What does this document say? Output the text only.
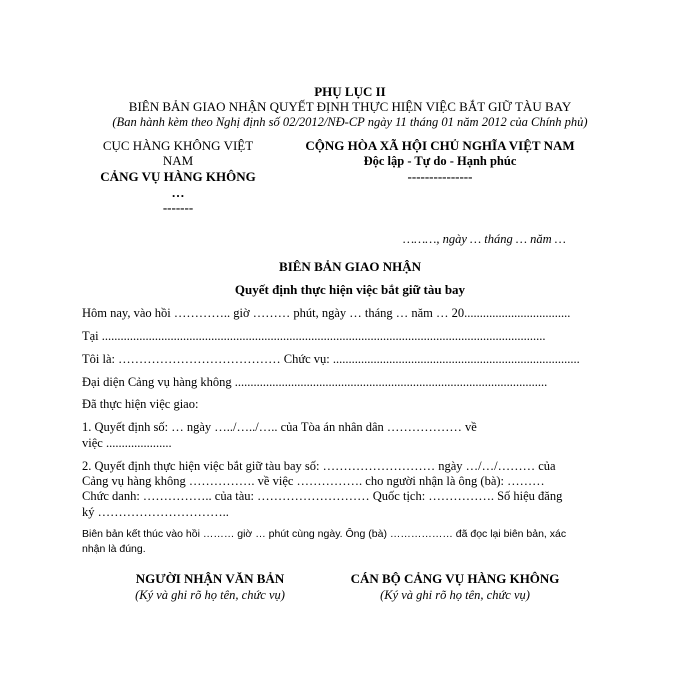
PHỤ LỤC II
BIÊN BẢN GIAO NHẬN QUYẾT ĐỊNH THỰC HIỆN VIỆC BẮT GIỮ TÀU BAY
(Ban hành kèm theo Nghị định số 02/2012/NĐ-CP ngày 11 tháng 01 năm 2012 của Chính phủ)
CỤC HÀNG KHÔNG VIỆT
NAM
CẢNG VỤ HÀNG KHÔNG
…
-------
CỘNG HÒA XÃ HỘI CHỦ NGHĨA VIỆT NAM
Độc lập - Tự do - Hạnh phúc
---------------
………, ngày … tháng … năm …
BIÊN BẢN GIAO NHẬN
Quyết định thực hiện việc bắt giữ tàu bay
Hôm nay, vào hồi ………….. giờ ……… phút, ngày … tháng … năm … 20..................................
Tại ..............................................................................................................................................
Tôi là: ………………………………… Chức vụ: ...............................................................................
Đại diện Cảng vụ hàng không ....................................................................................................
Đã thực hiện việc giao:
1. Quyết định số: … ngày …../…../….. của Tòa án nhân dân ……………… về
việc .....................
2. Quyết định thực hiện việc bắt giữ tàu bay số: ……………………… ngày …/…/……… của
Cảng vụ hàng không ……………. về việc ……………. cho người nhận là ông (bà): ………
Chức danh: …………….. của tàu: ……………………… Quốc tịch: ……………. Số hiệu đăng
ký …………………………..
Biên bản kết thúc vào hồi ……… giờ … phút cùng ngày. Ông (bà) ……………… đã đọc lại biên bản, xác
nhận là đúng.
NGƯỜI NHẬN VĂN BẢN
(Ký và ghi rõ họ tên, chức vụ)
CÁN BỘ CẢNG VỤ HÀNG KHÔNG
(Ký và ghi rõ họ tên, chức vụ)
